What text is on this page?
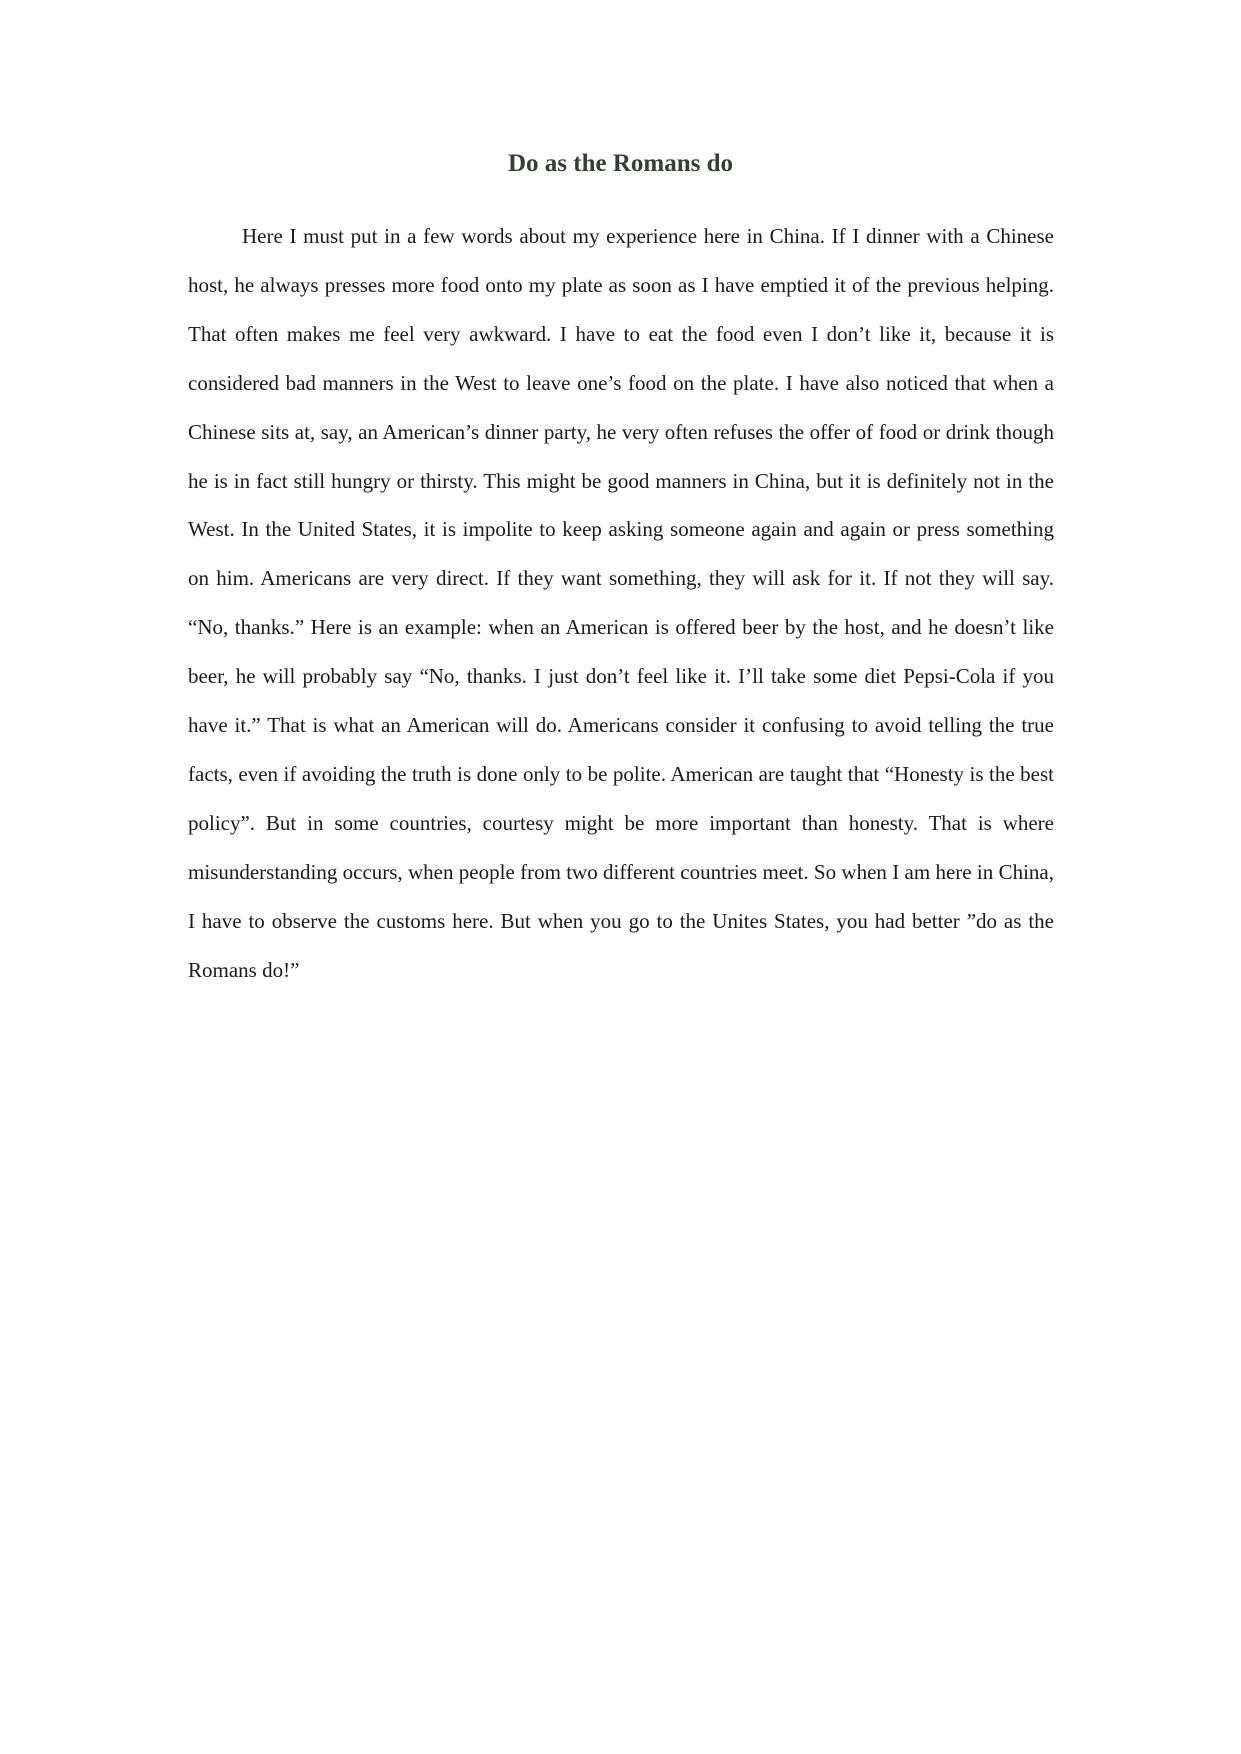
Do as the Romans do

Here I must put in a few words about my experience here in China. If I dinner with a Chinese host, he always presses more food onto my plate as soon as I have emptied it of the previous helping. That often makes me feel very awkward. I have to eat the food even I don’t like it, because it is considered bad manners in the West to leave one’s food on the plate. I have also noticed that when a Chinese sits at, say, an American’s dinner party, he very often refuses the offer of food or drink though he is in fact still hungry or thirsty. This might be good manners in China, but it is definitely not in the West. In the United States, it is impolite to keep asking someone again and again or press something on him. Americans are very direct. If they want something, they will ask for it. If not they will say. “No, thanks.” Here is an example: when an American is offered beer by the host, and he doesn’t like beer, he will probably say “No, thanks. I just don’t feel like it. I’ll take some diet Pepsi-Cola if you have it.” That is what an American will do. Americans consider it confusing to avoid telling the true facts, even if avoiding the truth is done only to be polite. American are taught that “Honesty is the best policy”. But in some countries, courtesy might be more important than honesty. That is where misunderstanding occurs, when people from two different countries meet. So when I am here in China, I have to observe the customs here. But when you go to the Unites States, you had better ”do as the Romans do!”
